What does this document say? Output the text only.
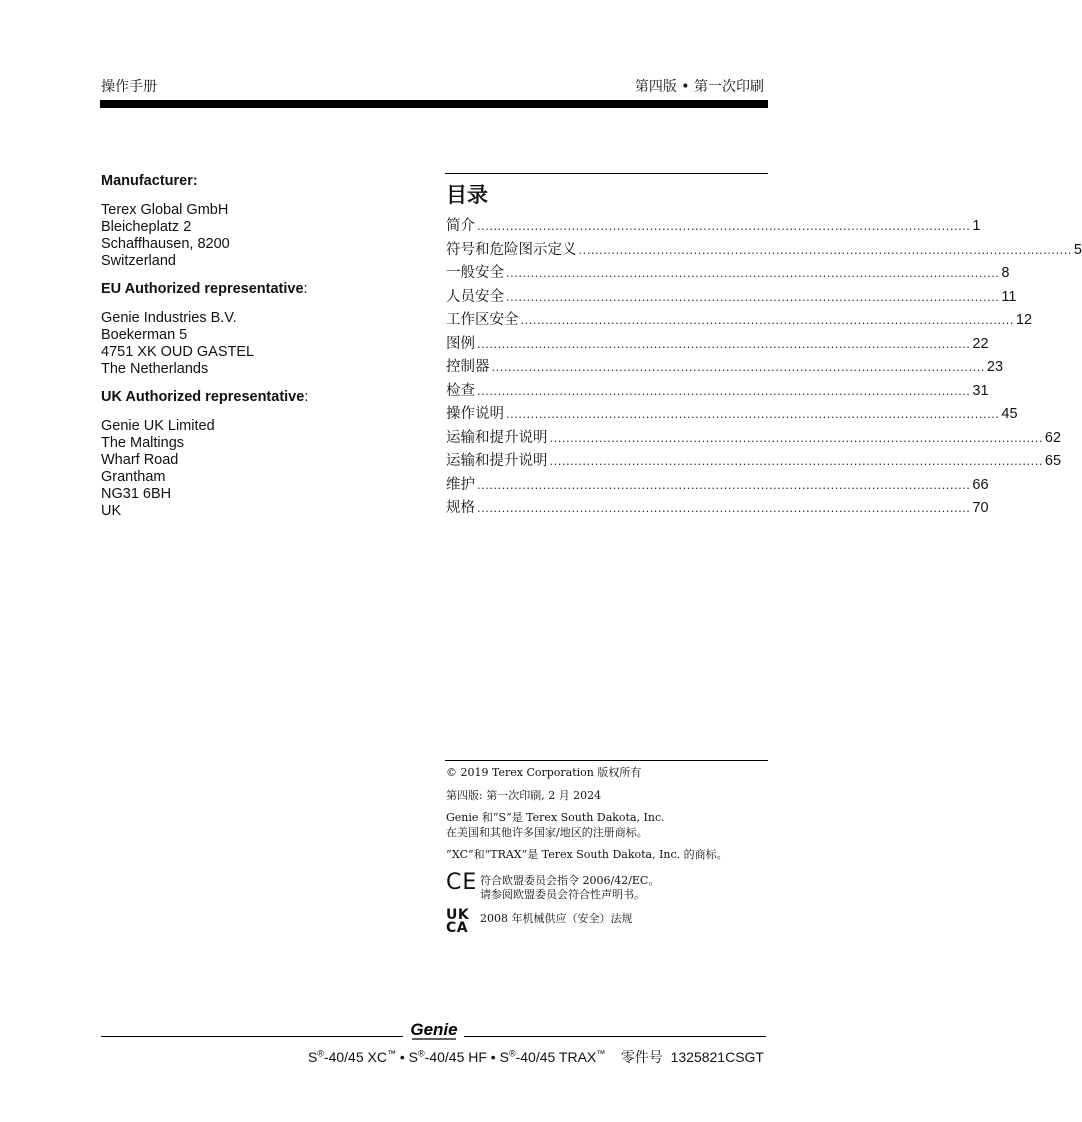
操作手册	第四版 • 第一次印刷
Manufacturer:
Terex Global GmbH
Bleicheplatz 2
Schaffhausen, 8200
Switzerland
EU Authorized representative:
Genie Industries B.V.
Boekerman 5
4751 XK OUD GASTEL
The Netherlands
UK Authorized representative:
Genie UK Limited
The Maltings
Wharf Road
Grantham
NG31 6BH
UK
目录
简介 ........................................................................................................................ 1
符号和危险图示定义 ........................................................................................................................ 5
一般安全 ........................................................................................................................ 8
人员安全 ........................................................................................................................ 11
工作区安全 ........................................................................................................................ 12
图例 ........................................................................................................................ 22
控制器 ........................................................................................................................ 23
检查 ........................................................................................................................ 31
操作说明 ........................................................................................................................ 45
运输和提升说明 ........................................................................................................................ 62
运输和提升说明 ........................................................................................................................ 65
维护 ........................................................................................................................ 66
规格 ........................................................................................................................ 70
© 2019 Terex Corporation 版权所有
第四版: 第一次印刷, 2 月 2024
Genie 和“S”是 Terex South Dakota, Inc.
在美国和其他许多国家/地区的注册商标。
“XC”和“TRAX”是 Terex South Dakota, Inc. 的商标。
CE 符合欧盟委员会指令 2006/42/EC。
请参阅欧盟委员会符合性声明书。
UK
CA
2008 年机械供应（安全）法规
Genie
S®-40/45 XC™ • S®-40/45 HF • S®-40/45 TRAX™ 零件号 1325821CSGT
